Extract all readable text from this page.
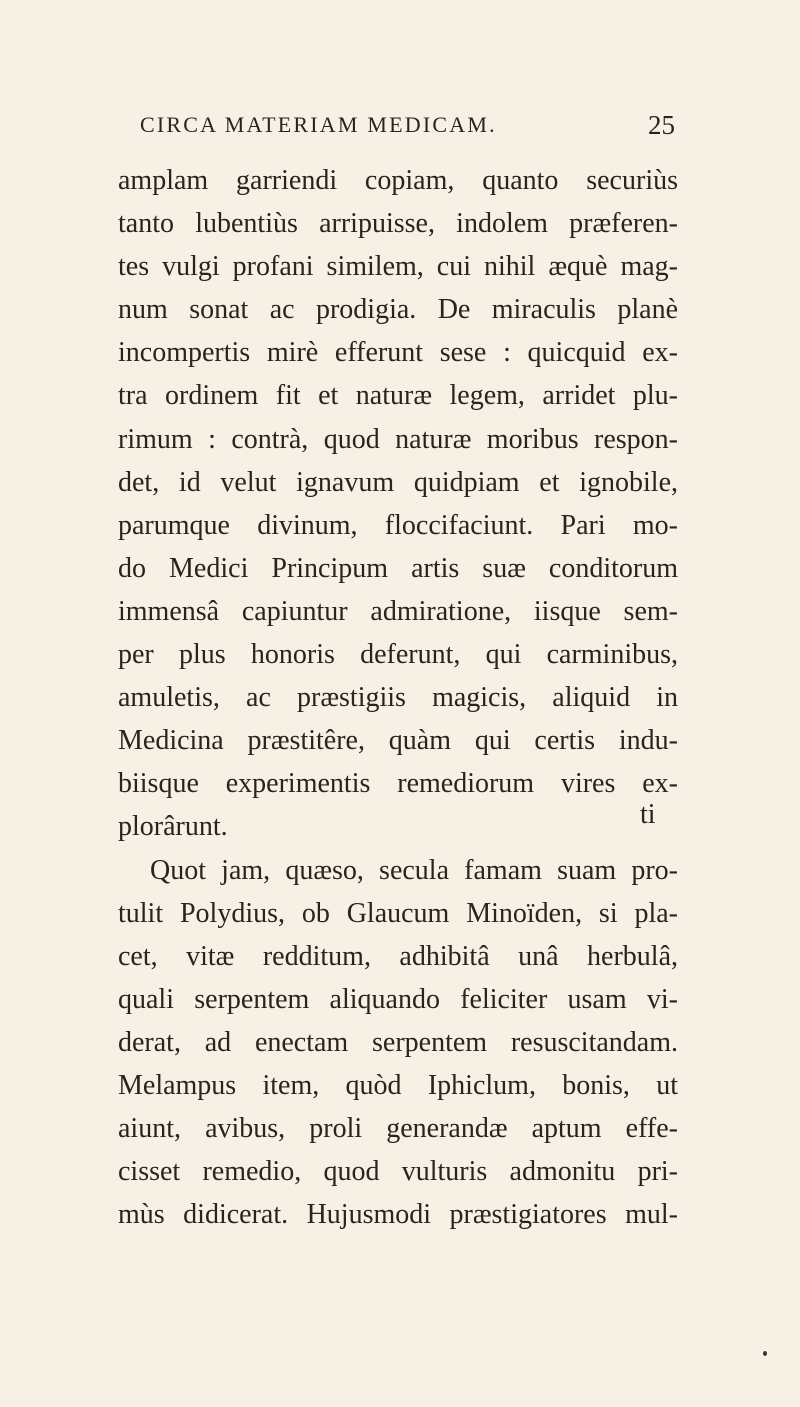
CIRCA MATERIAM MEDICAM.	25
amplam garriendi copiam, quanto securiùs
tanto lubentiùs arripuisse, indolem præferen-
tes vulgi profani similem, cui nihil æquè mag-
num sonat ac prodigia. De miraculis planè
incompertis mirè efferunt sese : quicquid ex-
tra ordinem fit et naturæ legem, arridet plu-
rimum : contrà, quod naturæ moribus respon-
det, id velut ignavum quidpiam et ignobile,
parumque divinum, floccifaciunt. Pari mo-
do Medici Principum artis suæ conditorum
immensâ capiuntur admiratione, iisque sem-
per plus honoris deferunt, qui carminibus,
amuletis, ac præstigiis magicis, aliquid in
Medicina præstitêre, quàm qui certis indu-
biisque experimentis remediorum vires ex-
plorârunt.
Quot jam, quæso, secula famam suam pro-
tulit Polydius, ob Glaucum Minoïden, si pla-
cet, vitæ redditum, adhibitâ unâ herbulâ,
quali serpentem aliquando feliciter usam vi-
derat, ad enectam serpentem resuscitandam.
Melampus item, quòd Iphiclum, bonis, ut
aiunt, avibus, proli generandæ aptum effe-
cisset remedio, quod vulturis admonitu pri-
mùs didicerat. Hujusmodi præstigiatores mul-
ti
